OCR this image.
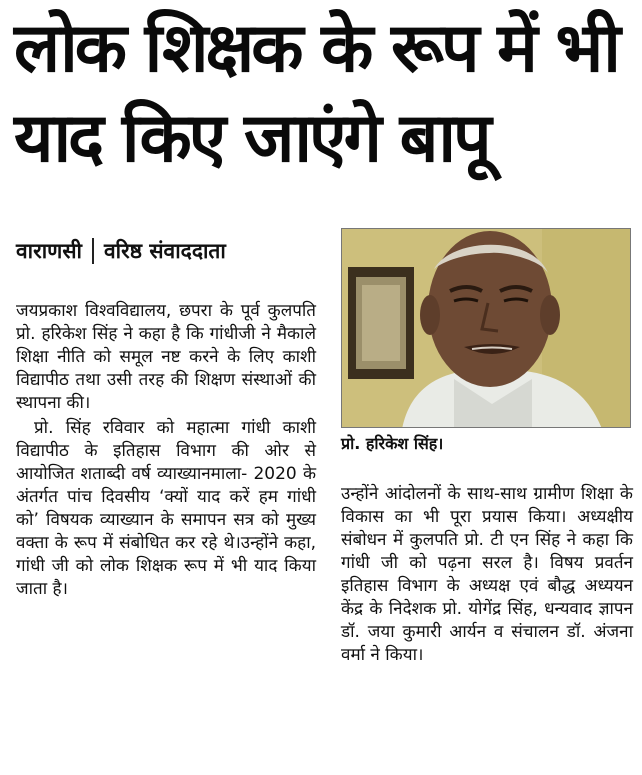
लोक शिक्षक के रूप में भी
याद किए जाएंगे बापू
वाराणसी वरिष्ठ संवाददाता
प्रो. हरिकेश सिंह।

जयप्रकाश विश्वविद्यालय, छपरा के पूर्व कुलपति प्रो. हरिकेश सिंह ने कहा है कि गांधीजी ने मैकाले शिक्षा नीति को समूल नष्ट करने के लिए काशी विद्यापीठ तथा उसी तरह की शिक्षण संस्थाओं की स्थापना की।

प्रो. सिंह रविवार को महात्मा गांधी काशी विद्यापीठ के इतिहास विभाग की ओर से आयोजित शताब्दी वर्ष व्याख्यानमाला- 2020 के अंतर्गत पांच दिवसीय ‘क्यों याद करें हम गांधी को’ विषयक व्याख्यान के समापन सत्र को मुख्य वक्ता के रूप में संबोधित कर रहे थे।उन्होंने कहा, गांधी जी को लोक शिक्षक रूप में भी याद किया जाता है।

उन्होंने आंदोलनों के साथ-साथ ग्रामीण शिक्षा के विकास का भी पूरा प्रयास किया। अध्यक्षीय संबोधन में कुलपति प्रो. टी एन सिंह ने कहा कि गांधी जी को पढ़ना सरल है। विषय प्रवर्तन इतिहास विभाग के अध्यक्ष एवं बौद्ध अध्ययन केंद्र के निदेशक प्रो. योगेंद्र सिंह, धन्यवाद ज्ञापन डॉ. जया कुमारी आर्यन व संचालन डॉ. अंजना वर्मा ने किया।
